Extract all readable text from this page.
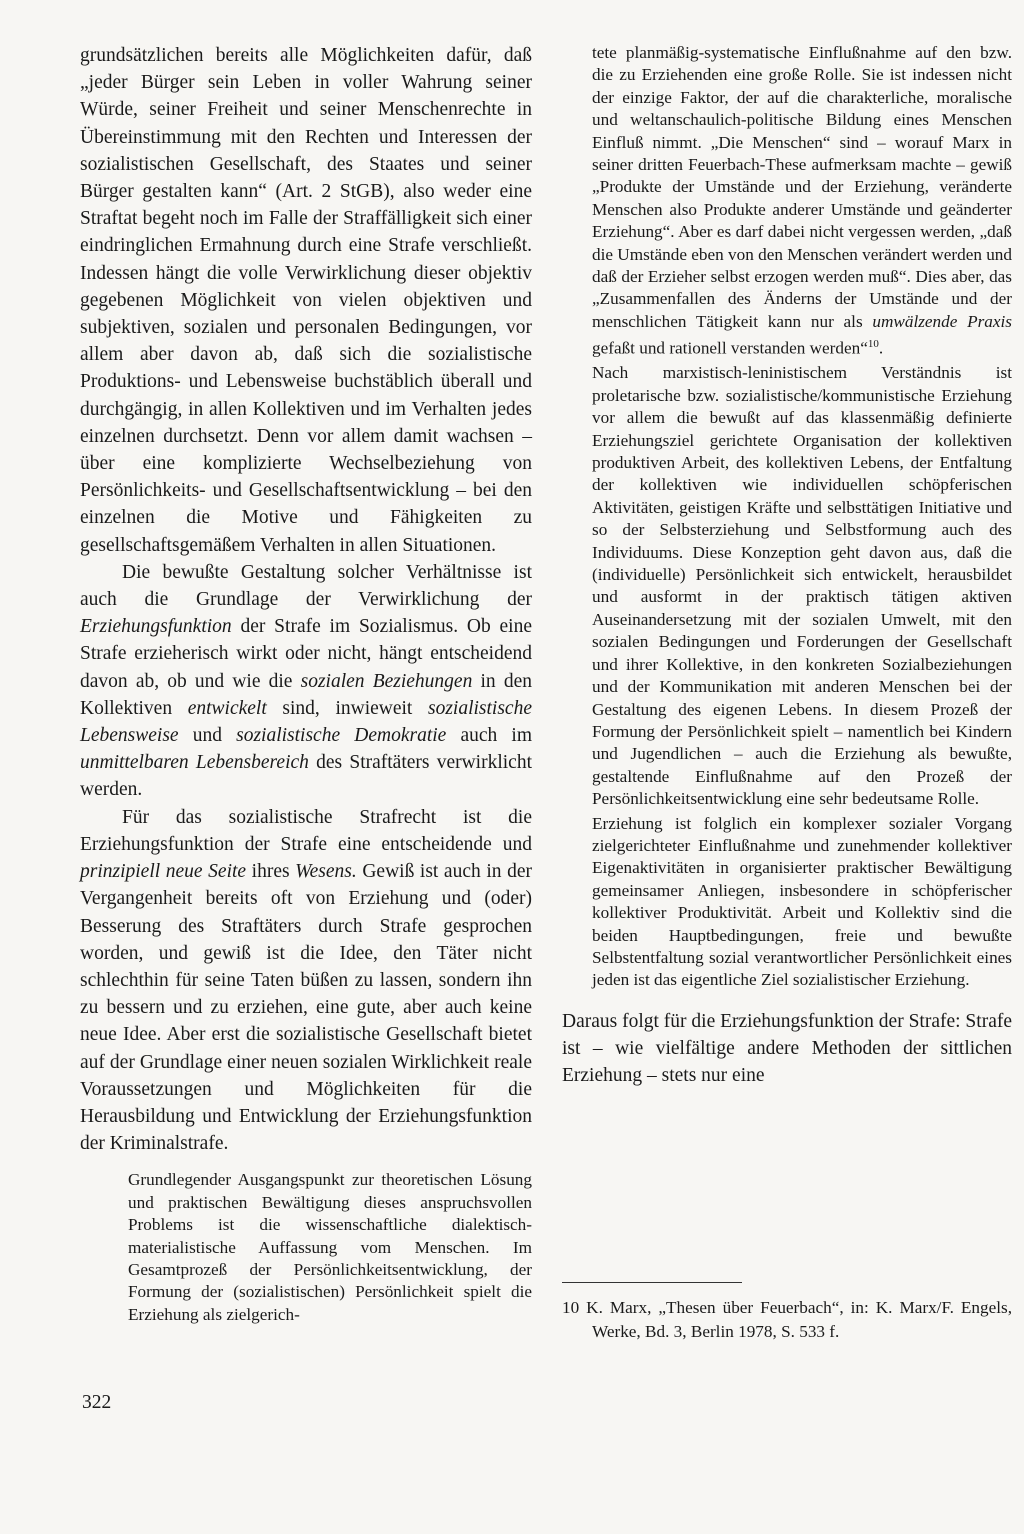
grundsätzlichen bereits alle Möglichkeiten dafür, daß „jeder Bürger sein Leben in voller Wahrung seiner Würde, seiner Freiheit und seiner Menschenrechte in Übereinstimmung mit den Rechten und Interessen der sozialistischen Gesellschaft, des Staates und seiner Bürger gestalten kann“ (Art. 2 StGB), also weder eine Straftat begeht noch im Falle der Straffälligkeit sich einer eindringlichen Ermahnung durch eine Strafe verschließt. Indessen hängt die volle Verwirklichung dieser objektiv gegebenen Möglichkeit von vielen objektiven und subjektiven, sozialen und personalen Bedingungen, vor allem aber davon ab, daß sich die sozialistische Produktions- und Lebensweise buchstäblich überall und durchgängig, in allen Kollektiven und im Verhalten jedes einzelnen durchsetzt. Denn vor allem damit wachsen – über eine komplizierte Wechselbeziehung von Persönlichkeits- und Gesellschaftsentwicklung – bei den einzelnen die Motive und Fähigkeiten zu gesellschaftsgemäßem Verhalten in allen Situationen.

Die bewußte Gestaltung solcher Verhältnisse ist auch die Grundlage der Verwirklichung der Erziehungsfunktion der Strafe im Sozialismus. Ob eine Strafe erzieherisch wirkt oder nicht, hängt entscheidend davon ab, ob und wie die sozialen Beziehungen in den Kollektiven entwickelt sind, inwieweit sozialistische Lebensweise und sozialistische Demokratie auch im unmittelbaren Lebensbereich des Straftäters verwirklicht werden.

Für das sozialistische Strafrecht ist die Erziehungsfunktion der Strafe eine entscheidende und prinzipiell neue Seite ihres Wesens. Gewiß ist auch in der Vergangenheit bereits oft von Erziehung und (oder) Besserung des Straftäters durch Strafe gesprochen worden, und gewiß ist die Idee, den Täter nicht schlechthin für seine Taten büßen zu lassen, sondern ihn zu bessern und zu erziehen, eine gute, aber auch keine neue Idee. Aber erst die sozialistische Gesellschaft bietet auf der Grundlage einer neuen sozialen Wirklichkeit reale Voraussetzungen und Möglichkeiten für die Herausbildung und Entwicklung der Erziehungsfunktion der Kriminalstrafe.

Grundlegender Ausgangspunkt zur theoretischen Lösung und praktischen Bewältigung dieses anspruchsvollen Problems ist die wissenschaftliche dialektisch-materialistische Auffassung vom Menschen. Im Gesamtprozeß der Persönlichkeitsentwicklung, der Formung der (sozialistischen) Persönlichkeit spielt die Erziehung als zielgerich-

tete planmäßig-systematische Einflußnahme auf den bzw. die zu Erziehenden eine große Rolle. Sie ist indessen nicht der einzige Faktor, der auf die charakterliche, moralische und weltanschaulich-politische Bildung eines Menschen Einfluß nimmt. „Die Menschen“ sind – worauf Marx in seiner dritten Feuerbach-These aufmerksam machte – gewiß „Produkte der Umstände und der Erziehung, veränderte Menschen also Produkte anderer Umstände und geänderter Erziehung“. Aber es darf dabei nicht vergessen werden, „daß die Umstände eben von den Menschen verändert werden und daß der Erzieher selbst erzogen werden muß“. Dies aber, das „Zusammenfallen des Änderns der Umstände und der menschlichen Tätigkeit kann nur als umwälzende Praxis gefaßt und rationell verstanden werden“$^{10}$.

Nach marxistisch-leninistischem Verständnis ist proletarische bzw. sozialistische/kommunistische Erziehung vor allem die bewußt auf das klassenmäßig definierte Erziehungsziel gerichtete Organisation der kollektiven produktiven Arbeit, des kollektiven Lebens, der Entfaltung der kollektiven wie individuellen schöpferischen Aktivitäten, geistigen Kräfte und selbsttätigen Initiative und so der Selbsterziehung und Selbstformung auch des Individuums. Diese Konzeption geht davon aus, daß die (individuelle) Persönlichkeit sich entwickelt, herausbildet und ausformt in der praktisch tätigen aktiven Auseinandersetzung mit der sozialen Umwelt, mit den sozialen Bedingungen und Forderungen der Gesellschaft und ihrer Kollektive, in den konkreten Sozialbeziehungen und der Kommunikation mit anderen Menschen bei der Gestaltung des eigenen Lebens. In diesem Prozeß der Formung der Persönlichkeit spielt – namentlich bei Kindern und Jugendlichen – auch die Erziehung als bewußte, gestaltende Einflußnahme auf den Prozeß der Persönlichkeitsentwicklung eine sehr bedeutsame Rolle.

Erziehung ist folglich ein komplexer sozialer Vorgang zielgerichteter Einflußnahme und zunehmender kollektiver Eigenaktivitäten in organisierter praktischer Bewältigung gemeinsamer Anliegen, insbesondere in schöpferischer kollektiver Produktivität. Arbeit und Kollektiv sind die beiden Hauptbedingungen, freie und bewußte Selbstentfaltung sozial verantwortlicher Persönlichkeit eines jeden ist das eigentliche Ziel sozialistischer Erziehung.

Daraus folgt für die Erziehungsfunktion der Strafe: Strafe ist – wie vielfältige andere Methoden der sittlichen Erziehung – stets nur eine

10 K. Marx, „Thesen über Feuerbach“, in: K. Marx/F. Engels, Werke, Bd. 3, Berlin 1978, S. 533 f.

322
